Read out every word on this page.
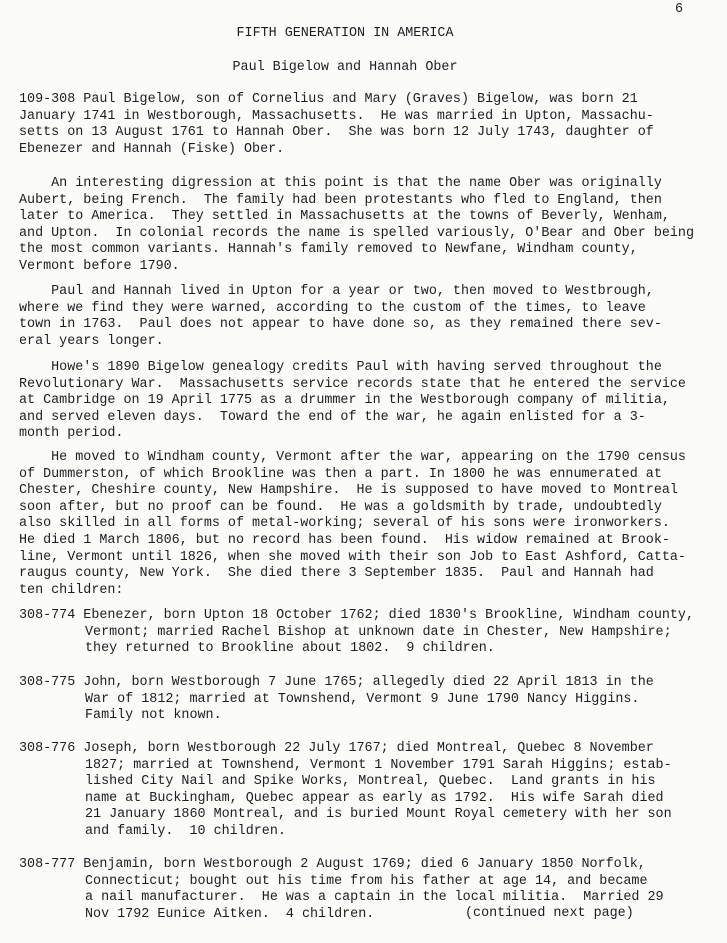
6
FIFTH GENERATION IN AMERICA
Paul Bigelow and Hannah Ober
109-308 Paul Bigelow, son of Cornelius and Mary (Graves) Bigelow, was born 21
January 1741 in Westborough, Massachusetts.  He was married in Upton, Massachu-
setts on 13 August 1761 to Hannah Ober.  She was born 12 July 1743, daughter of
Ebenezer and Hannah (Fiske) Ober.
An interesting digression at this point is that the name Ober was originally
Aubert, being French.  The family had been protestants who fled to England, then
later to America.  They settled in Massachusetts at the towns of Beverly, Wenham,
and Upton.  In colonial records the name is spelled variously, O'Bear and Ober being
the most common variants. Hannah's family removed to Newfane, Windham county,
Vermont before 1790.
Paul and Hannah lived in Upton for a year or two, then moved to Westbrough,
where we find they were warned, according to the custom of the times, to leave
town in 1763.  Paul does not appear to have done so, as they remained there sev-
eral years longer.
Howe's 1890 Bigelow genealogy credits Paul with having served throughout the
Revolutionary War.  Massachusetts service records state that he entered the service
at Cambridge on 19 April 1775 as a drummer in the Westborough company of militia,
and served eleven days.  Toward the end of the war, he again enlisted for a 3-
month period.
He moved to Windham county, Vermont after the war, appearing on the 1790 census
of Dummerston, of which Brookline was then a part. In 1800 he was ennumerated at
Chester, Cheshire county, New Hampshire.  He is supposed to have moved to Montreal
soon after, but no proof can be found.  He was a goldsmith by trade, undoubtedly
also skilled in all forms of metal-working; several of his sons were ironworkers.
He died 1 March 1806, but no record has been found.  His widow remained at Brook-
line, Vermont until 1826, when she moved with their son Job to East Ashford, Catta-
raugus county, New York.  She died there 3 September 1835.  Paul and Hannah had
ten children:
308-774 Ebenezer, born Upton 18 October 1762; died 1830's Brookline, Windham county,
Vermont; married Rachel Bishop at unknown date in Chester, New Hampshire;
they returned to Brookline about 1802.  9 children.
308-775 John, born Westborough 7 June 1765; allegedly died 22 April 1813 in the
War of 1812; married at Townshend, Vermont 9 June 1790 Nancy Higgins.
Family not known.
308-776 Joseph, born Westborough 22 July 1767; died Montreal, Quebec 8 November
1827; married at Townshend, Vermont 1 November 1791 Sarah Higgins; estab-
lished City Nail and Spike Works, Montreal, Quebec.  Land grants in his
name at Buckingham, Quebec appear as early as 1792.  His wife Sarah died
21 January 1860 Montreal, and is buried Mount Royal cemetery with her son
and family.  10 children.
308-777 Benjamin, born Westborough 2 August 1769; died 6 January 1850 Norfolk,
Connecticut; bought out his time from his father at age 14, and became
a nail manufacturer.  He was a captain in the local militia.  Married 29
Nov 1792 Eunice Aitken.  4 children.	(continued next page)
